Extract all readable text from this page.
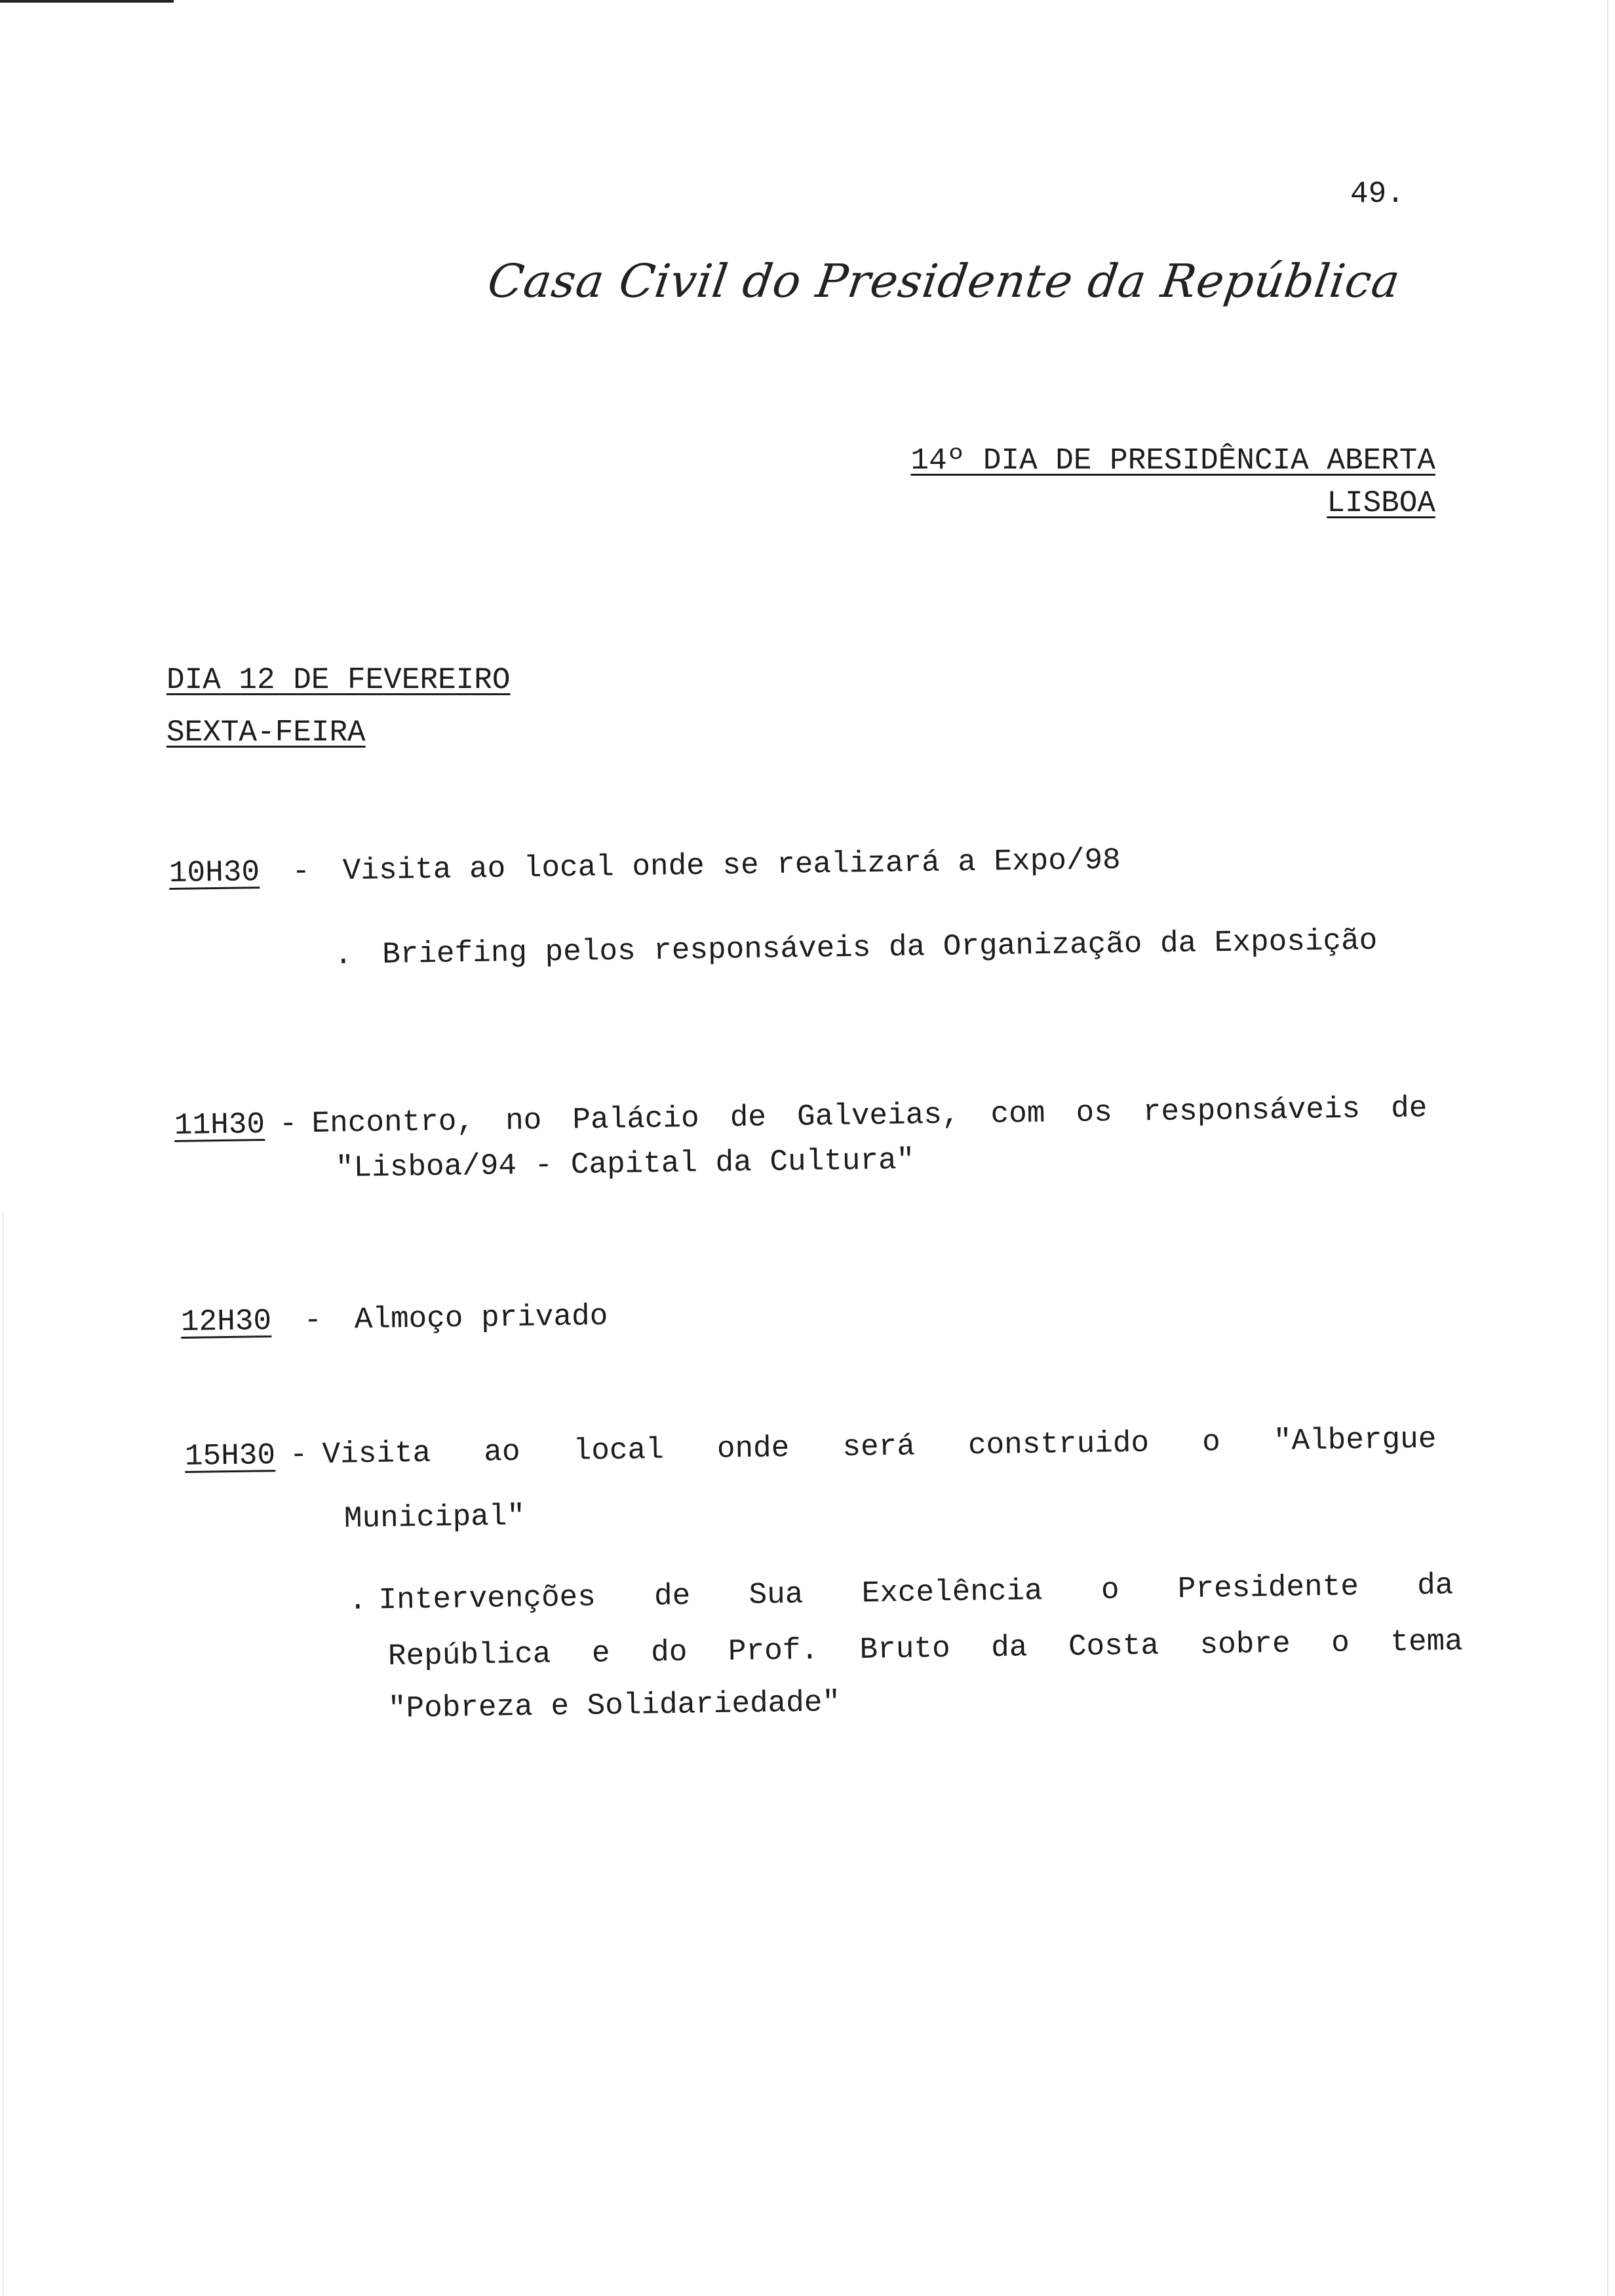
49.
Casa Civil do Presidente da República
14º DIA DE PRESIDÊNCIA ABERTA
LISBOA
DIA 12 DE FEVEREIRO
SEXTA-FEIRA
10H30 - Visita ao local onde se realizará a Expo/98
. Briefing pelos responsáveis da Organização da Exposição
11H30 - Encontro, no Palácio de Galveias, com os responsáveis de
"Lisboa/94 - Capital da Cultura"
12H30 - Almoço privado
15H30 - Visita ao local onde será construido o "Albergue
Municipal"
. Intervenções de Sua Excelência o Presidente da
República e do Prof. Bruto da Costa sobre o tema
"Pobreza e Solidariedade"
